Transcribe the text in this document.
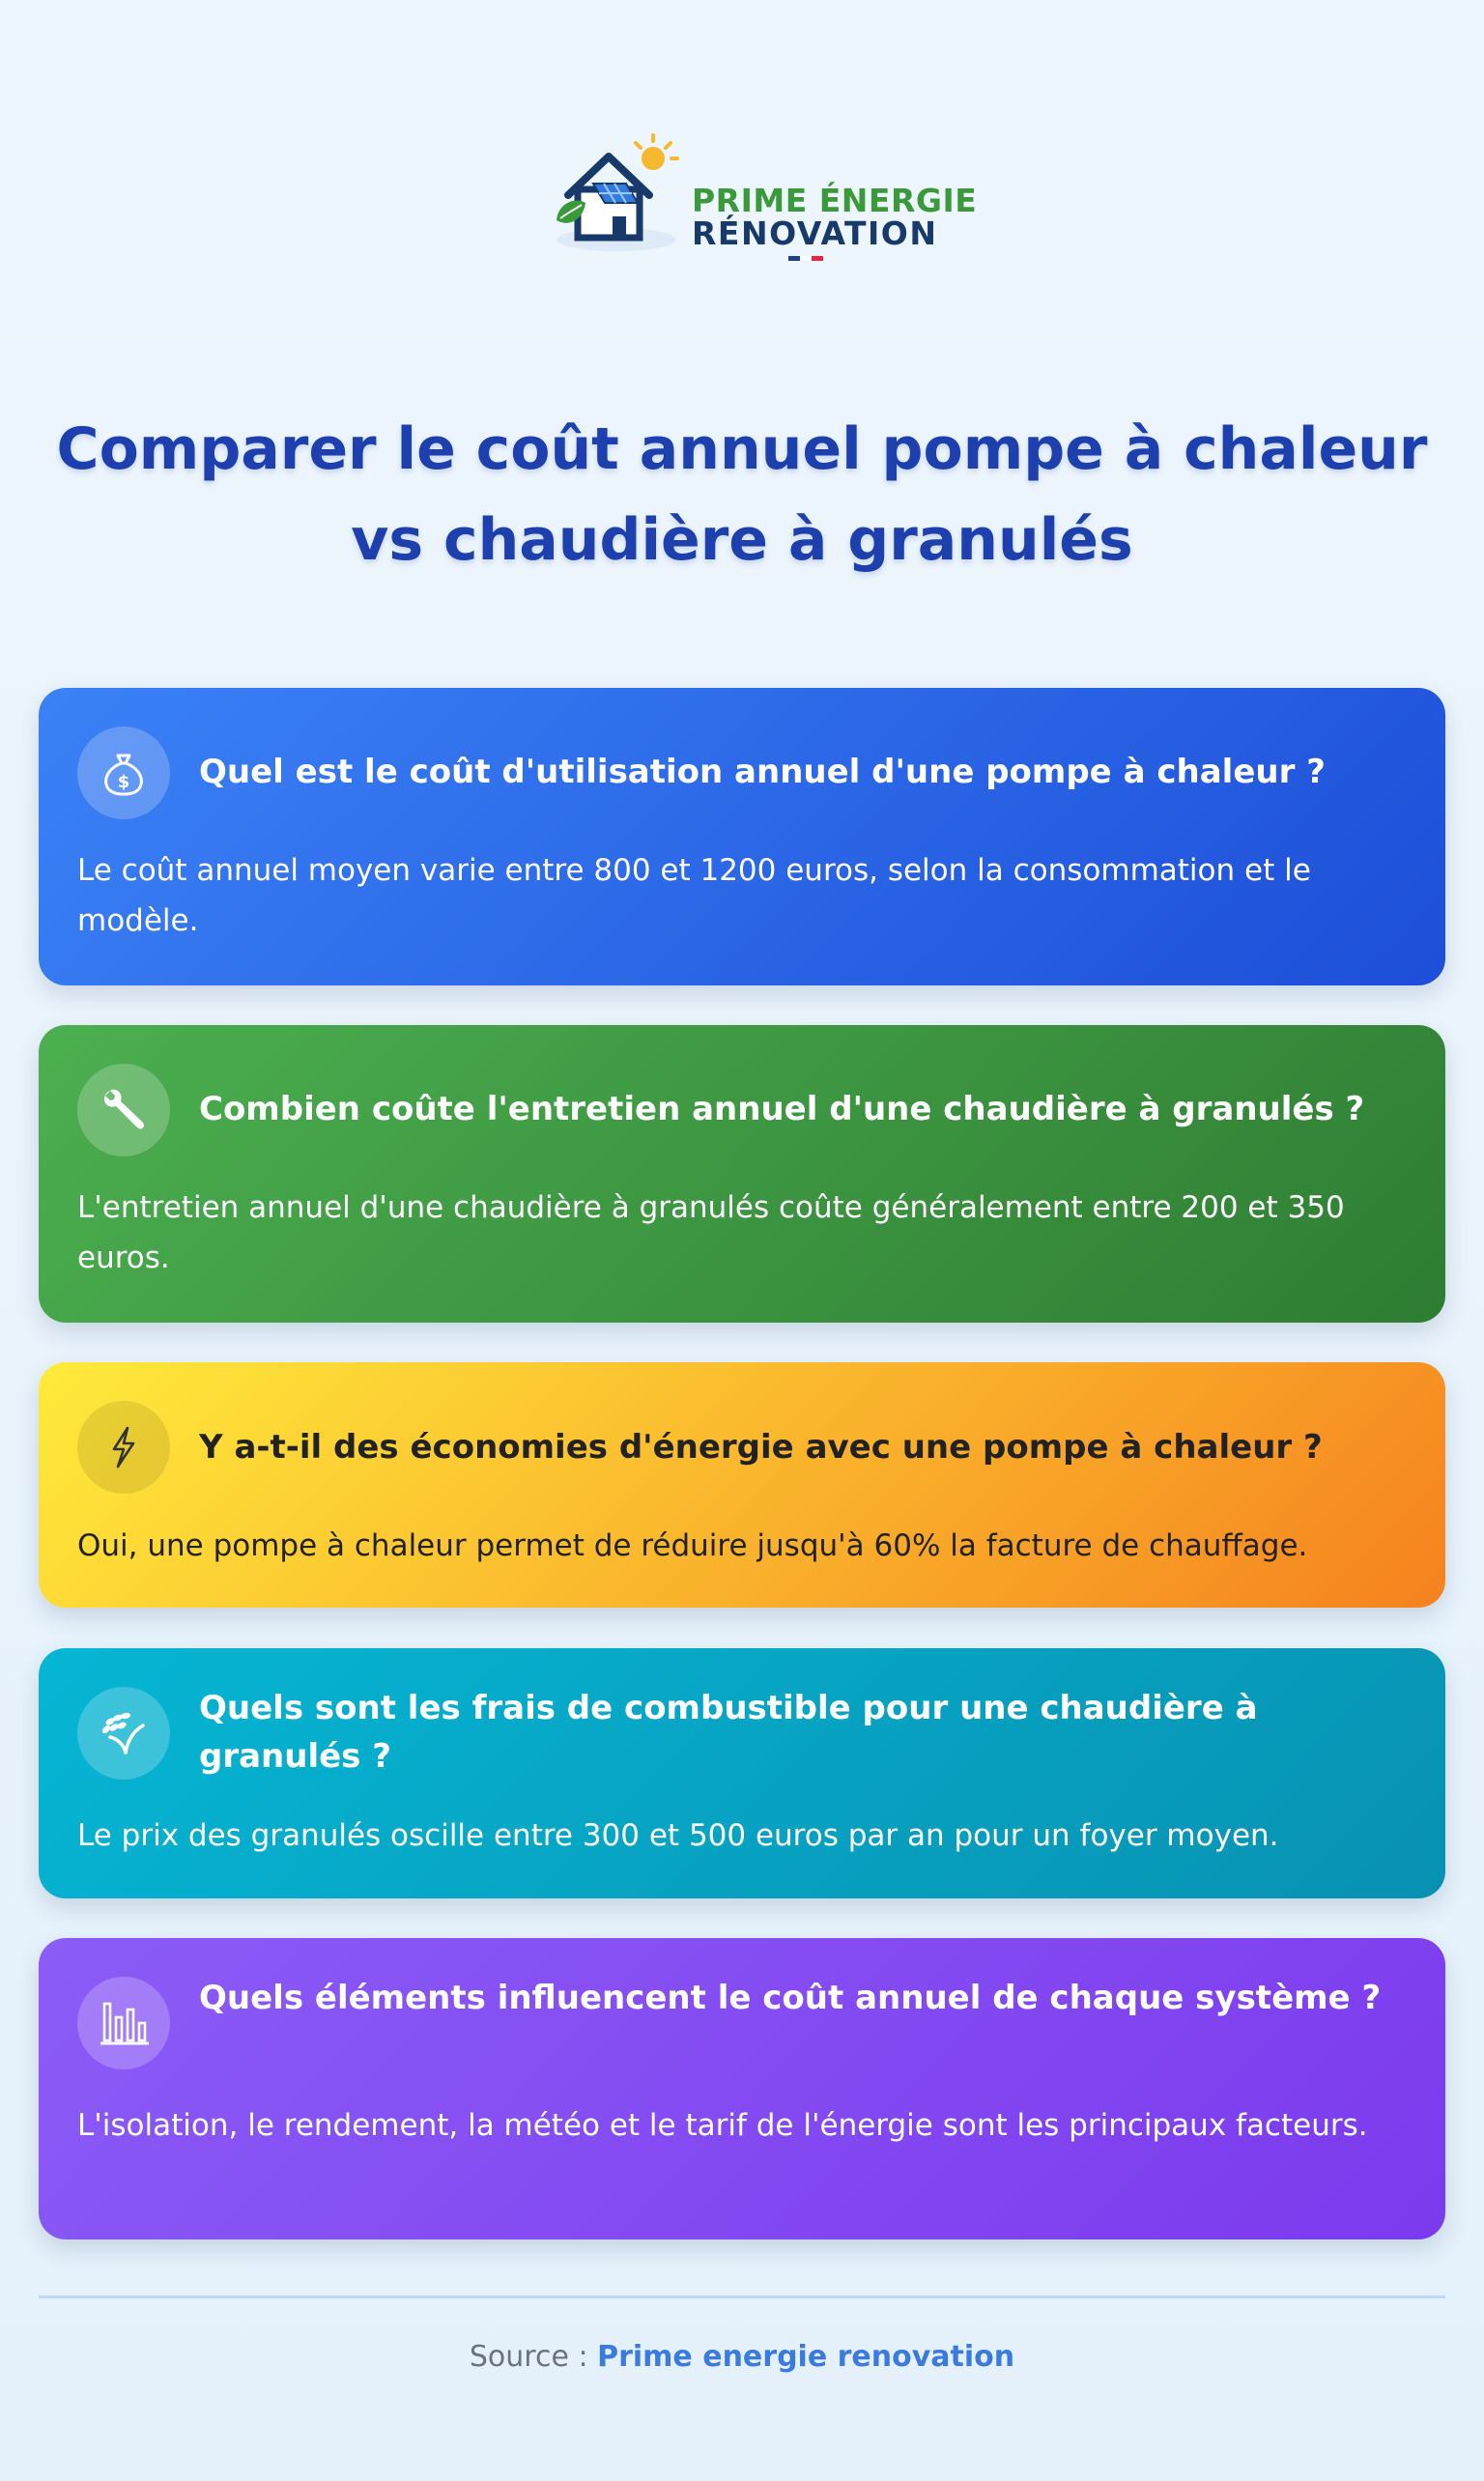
PRIME ÉNERGIE
RÉNOVATION
Comparer le coût annuel pompe à chaleur vs chaudière à granulés
$ Quel est le coût d'utilisation annuel d'une pompe à chaleur ?
Le coût annuel moyen varie entre 800 et 1200 euros, selon la consommation et le modèle.
Combien coûte l'entretien annuel d'une chaudière à granulés ?
L'entretien annuel d'une chaudière à granulés coûte généralement entre 200 et 350 euros.
Y a-t-il des économies d'énergie avec une pompe à chaleur ?
Oui, une pompe à chaleur permet de réduire jusqu'à 60% la facture de chauffage.
Quels sont les frais de combustible pour une chaudière à granulés ?
Le prix des granulés oscille entre 300 et 500 euros par an pour un foyer moyen.
Quels éléments influencent le coût annuel de chaque système ?
L'isolation, le rendement, la météo et le tarif de l'énergie sont les principaux facteurs.
Source : Prime energie renovation
